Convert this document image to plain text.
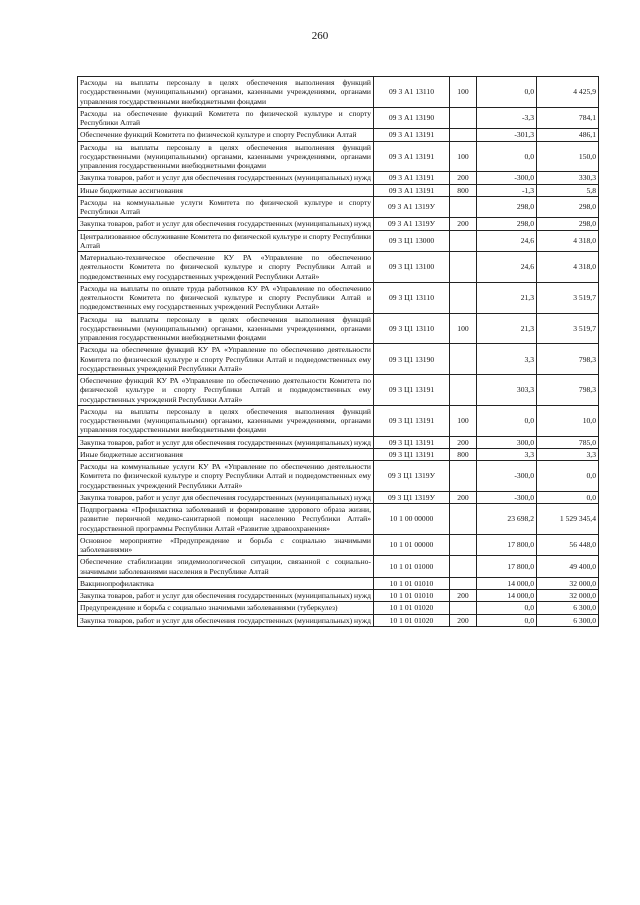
260
Расходы на выплаты персоналу в целях обеспечения выполнения функций государственными (муниципальными) органами, казенными учреждениями, органами управления государственными внебюджетными фондами	09 3 А1 13110	100	0,0	4 425,9
Расходы на обеспечение функций Комитета по физической культуре и спорту Республики Алтай	09 3 А1 13190		-3,3	784,1
Обеспечение функций Комитета по физической культуре и спорту Республики Алтай	09 3 А1 13191		-301,3	486,1
Расходы на выплаты персоналу в целях обеспечения выполнения функций государственными (муниципальными) органами, казенными учреждениями, органами управления государственными внебюджетными фондами	09 3 А1 13191	100	0,0	150,0
Закупка товаров, работ и услуг для обеспечения государственных (муниципальных) нужд	09 3 А1 13191	200	-300,0	330,3
Иные бюджетные ассигнования	09 3 А1 13191	800	-1,3	5,8
Расходы на коммунальные услуги Комитета по физической культуре и спорту Республики Алтай	09 3 А1 1319У		298,0	298,0
Закупка товаров, работ и услуг для обеспечения государственных (муниципальных) нужд	09 3 А1 1319У	200	298,0	298,0
Централизованное обслуживание Комитета по физической культуре и спорту Республики Алтай	09 3 Ц1 13000		24,6	4 318,0
Материально-техническое обеспечение КУ РА «Управление по обеспечению деятельности Комитета по физической культуре и спорту Республики Алтай и подведомственных ему государственных учреждений Республики Алтай»	09 3 Ц1 13100		24,6	4 318,0
Расходы на выплаты по оплате труда работников КУ РА «Управление по обеспечению деятельности Комитета по физической культуре и спорту Республики Алтай и подведомственных ему государственных учреждений Республики Алтай»	09 3 Ц1 13110		21,3	3 519,7
Расходы на выплаты персоналу в целях обеспечения выполнения функций государственными (муниципальными) органами, казенными учреждениями, органами управления государственными внебюджетными фондами	09 3 Ц1 13110	100	21,3	3 519,7
Расходы на обеспечение функций КУ РА «Управление по обеспечению деятельности Комитета по физической культуре и спорту Республики Алтай и подведомственных ему государственных учреждений Республики Алтай»	09 3 Ц1 13190		3,3	798,3
Обеспечение функций КУ РА «Управление по обеспечению деятельности Комитета по физической культуре и спорту Республики Алтай и подведомственных ему государственных учреждений Республики Алтай»	09 3 Ц1 13191		303,3	798,3
Расходы на выплаты персоналу в целях обеспечения выполнения функций государственными (муниципальными) органами, казенными учреждениями, органами управления государственными внебюджетными фондами	09 3 Ц1 13191	100	0,0	10,0
Закупка товаров, работ и услуг для обеспечения государственных (муниципальных) нужд	09 3 Ц1 13191	200	300,0	785,0
Иные бюджетные ассигнования	09 3 Ц1 13191	800	3,3	3,3
Расходы на коммунальные услуги КУ РА «Управление по обеспечению деятельности Комитета по физической культуре и спорту Республики Алтай и подведомственных ему государственных учреждений Республики Алтай»	09 3 Ц1 1319У		-300,0	0,0
Закупка товаров, работ и услуг для обеспечения государственных (муниципальных) нужд	09 3 Ц1 1319У	200	-300,0	0,0
Подпрограмма «Профилактика заболеваний и формирование здорового образа жизни, развитие первичной медико-санитарной помощи населению Республики Алтай» государственной программы Республики Алтай «Развитие здравоохранения»	10 1 00 00000		23 698,2	1 529 345,4
Основное мероприятие «Предупреждение и борьба с социально значимыми заболеваниями»	10 1 01 00000		17 800,0	56 448,0
Обеспечение стабилизации эпидемиологической ситуации, связанной с социально-значимыми заболеваниями населения в Республике Алтай	10 1 01 01000		17 800,0	49 400,0
Вакцинопрофилактика	10 1 01 01010		14 000,0	32 000,0
Закупка товаров, работ и услуг для обеспечения государственных (муниципальных) нужд	10 1 01 01010	200	14 000,0	32 000,0
Предупреждение и борьба с социально значимыми заболеваниями (туберкулез)	10 1 01 01020		0,0	6 300,0
Закупка товаров, работ и услуг для обеспечения государственных (муниципальных) нужд	10 1 01 01020	200	0,0	6 300,0
